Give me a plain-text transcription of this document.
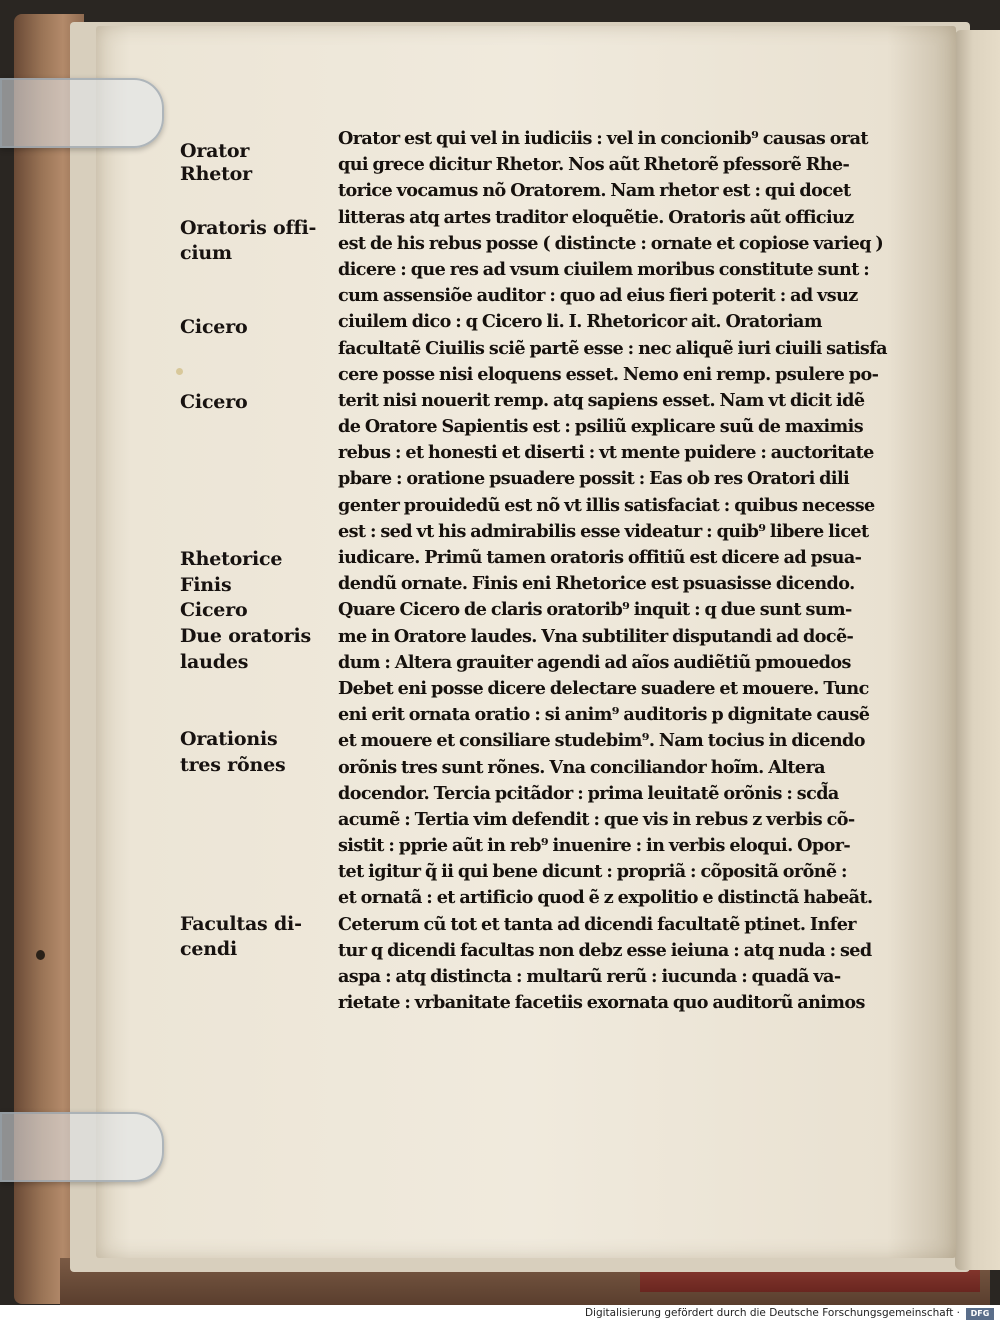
Orator
Rhetor
Oratoris offi-
cium
Cicero
Cicero
Rhetorice
Finis
Cicero
Due oratoris
laudes
Orationis
tres rõnes
Facultas di-
cendi
Orator est qui vel in iudiciis : vel in concionib⁹ causas orat
qui grece dicitur Rhetor. Nos aũt Rhetorẽ pfessorẽ Rhe-
torice vocamus nõ Oratorem. Nam rhetor est : qui docet
litteras atq artes traditor eloquẽtie. Oratoris aũt officiuz
est de his rebus posse ( distincte : ornate et copiose varieq )
dicere : que res ad vsum ciuilem moribus constitute sunt :
cum assensiõe auditor : quo ad eius fieri poterit : ad vsuz
ciuilem dico : q Cicero li. I. Rhetoricor ait. Oratoriam
facultatẽ Ciuilis sciẽ partẽ esse : nec aliquẽ iuri ciuili satisfa
cere posse nisi eloquens esset. Nemo eni remp. psulere po-
terit nisi nouerit remp. atq sapiens esset. Nam vt dicit idẽ
de Oratore Sapientis est : psiliũ explicare suũ de maximis
rebus : et honesti et diserti : vt mente puidere : auctoritate
pbare : oratione psuadere possit : Eas ob res Oratori dili
genter prouidedũ est nõ vt illis satisfaciat : quibus necesse
est : sed vt his admirabilis esse videatur : quib⁹ libere licet
iudicare. Primũ tamen oratoris offitiũ est dicere ad psua-
dendũ ornate. Finis eni Rhetorice est psuasisse dicendo.
Quare Cicero de claris oratorib⁹ inquit : q due sunt sum-
me in Oratore laudes. Vna subtiliter disputandi ad docẽ-
dum : Altera grauiter agendi ad aĩos audiẽtiũ pmouedos
Debet eni posse dicere delectare suadere et mouere. Tunc
eni erit ornata oratio : si anim⁹ auditoris p dignitate causẽ
et mouere et consiliare studebim⁹. Nam tocius in dicendo
orõnis tres sunt rõnes. Vna conciliandor hoĩm. Altera
docendor. Tercia pcitãdor : prima leuitatẽ orõnis : scd̃a
acumẽ : Tertia vim defendit : que vis in rebus z verbis cõ-
sistit : pprie aũt in reb⁹ inuenire : in verbis eloqui. Opor-
tet igitur q̃ ii qui bene dicunt : propriã : cõpositã orõnẽ :
et ornatã : et artificio quod ẽ z expolitio e distinctã habeãt.
Ceterum cũ tot et tanta ad dicendi facultatẽ ptinet. Infer
tur q dicendi facultas non debz esse ieiuna : atq nuda : sed
aspa : atq distincta : multarũ rerũ : iucunda : quadã va-
rietate : vrbanitate facetiis exornata quo auditorũ animos
Digitalisierung gefördert durch die Deutsche Forschungsgemeinschaft ·	DFG
